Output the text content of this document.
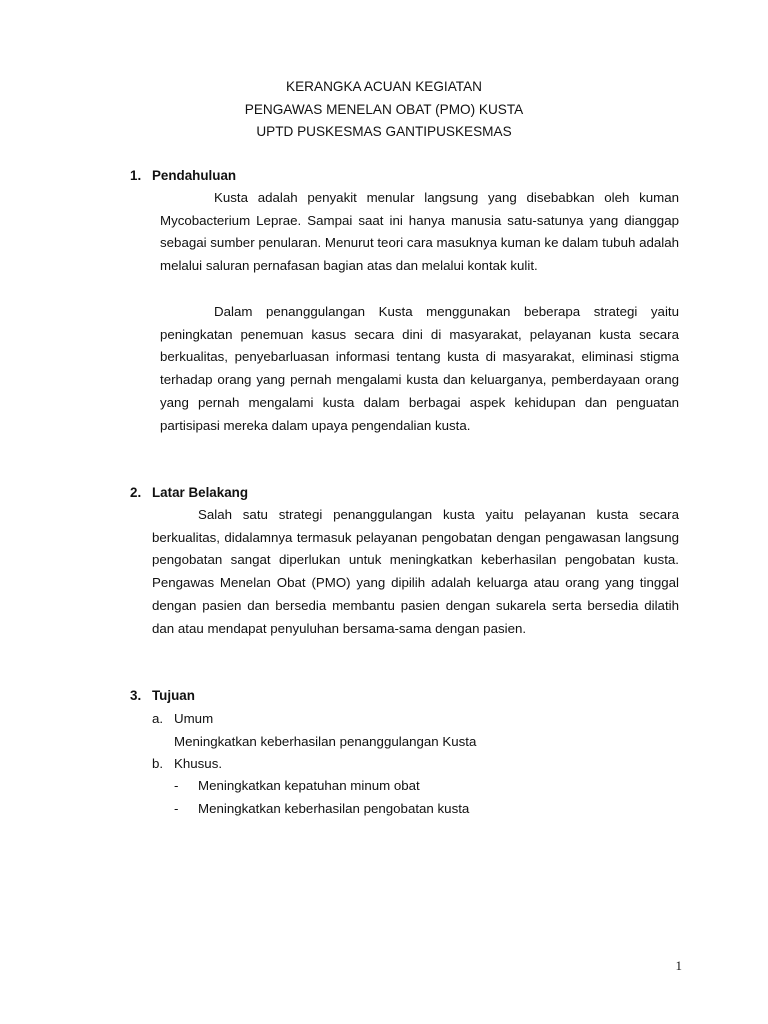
KERANGKA ACUAN KEGIATAN
PENGAWAS MENELAN OBAT (PMO) KUSTA
UPTD PUSKESMAS GANTIPUSKESMAS
1. Pendahuluan

Kusta adalah penyakit menular langsung yang disebabkan oleh kuman Mycobacterium Leprae. Sampai saat ini hanya manusia satu-satunya yang dianggap sebagai sumber penularan. Menurut teori cara masuknya kuman ke dalam tubuh adalah melalui saluran pernafasan bagian atas dan melalui kontak kulit.

Dalam penanggulangan Kusta menggunakan beberapa strategi yaitu peningkatan penemuan kasus secara dini di masyarakat, pelayanan kusta secara berkualitas, penyebarluasan informasi tentang kusta di masyarakat, eliminasi stigma terhadap orang yang pernah mengalami kusta dan keluarganya, pemberdayaan orang yang pernah mengalami kusta dalam berbagai aspek kehidupan dan penguatan partisipasi mereka dalam upaya pengendalian kusta.

2. Latar Belakang

Salah satu strategi penanggulangan kusta yaitu pelayanan kusta secara berkualitas, didalamnya termasuk pelayanan pengobatan dengan pengawasan langsung pengobatan sangat diperlukan untuk meningkatkan keberhasilan pengobatan kusta. Pengawas Menelan Obat (PMO) yang dipilih adalah keluarga atau orang yang tinggal dengan pasien dan bersedia membantu pasien dengan sukarela serta bersedia dilatih dan atau mendapat penyuluhan bersama-sama dengan pasien.

3. Tujuan
a. Umum
Meningkatkan keberhasilan penanggulangan Kusta
b. Khusus.
- Meningkatkan kepatuhan minum obat
- Meningkatkan keberhasilan pengobatan kusta
1
